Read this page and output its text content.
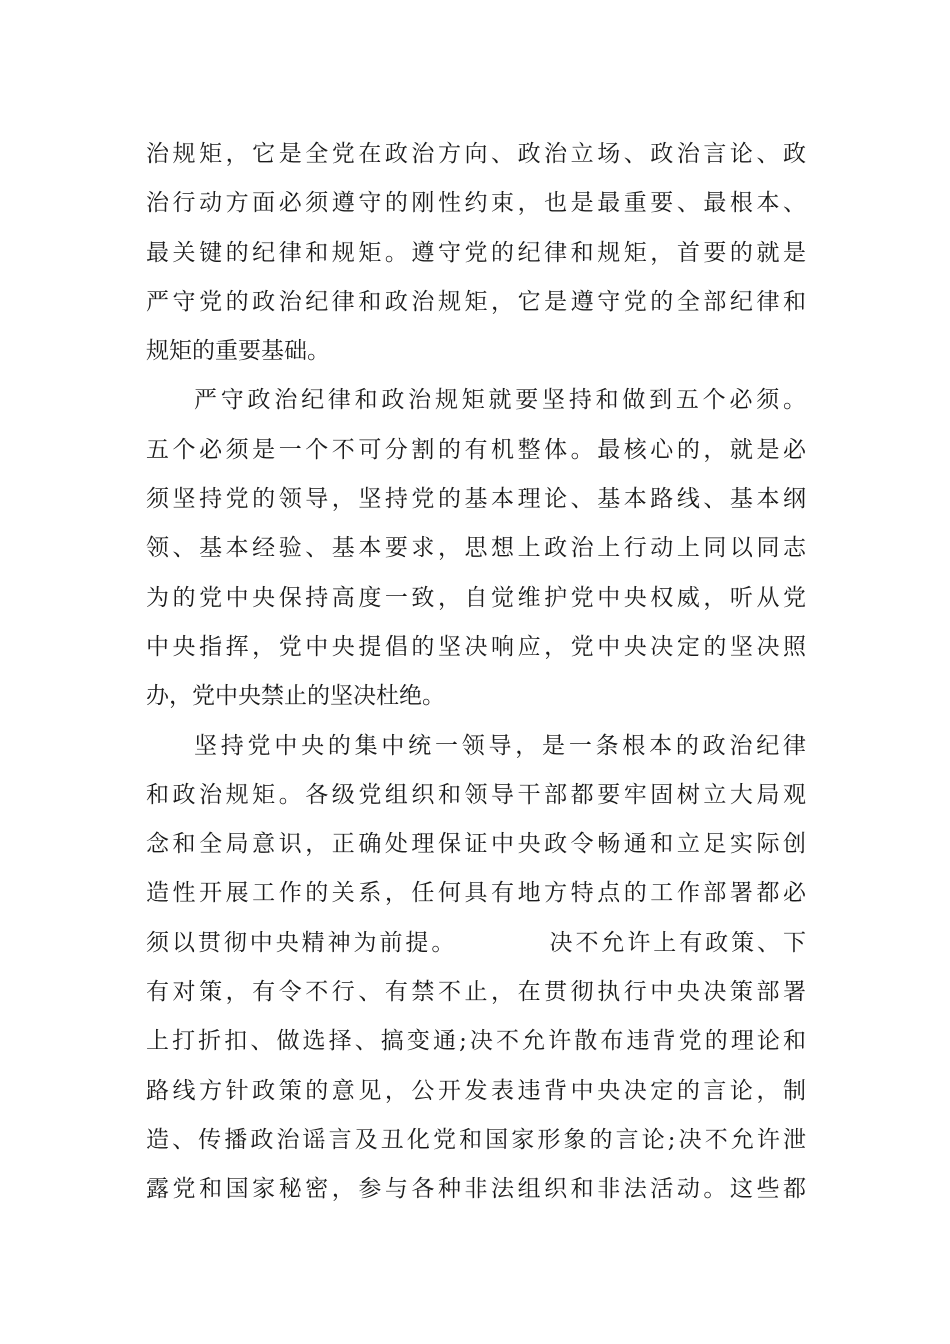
治规矩，它是全党在政治方向、政治立场、政治言论、政
治行动方面必须遵守的刚性约束，也是最重要、最根本、
最关键的纪律和规矩。遵守党的纪律和规矩，首要的就是
严守党的政治纪律和政治规矩，它是遵守党的全部纪律和
规矩的重要基础。
严守政治纪律和政治规矩就要坚持和做到五个必须。
五个必须是一个不可分割的有机整体。最核心的，就是必
须坚持党的领导，坚持党的基本理论、基本路线、基本纲
领、基本经验、基本要求，思想上政治上行动上同以同志
为的党中央保持高度一致，自觉维护党中央权威，听从党
中央指挥，党中央提倡的坚决响应，党中央决定的坚决照
办，党中央禁止的坚决杜绝。
坚持党中央的集中统一领导，是一条根本的政治纪律
和政治规矩。各级党组织和领导干部都要牢固树立大局观
念和全局意识，正确处理保证中央政令畅通和立足实际创
造性开展工作的关系，任何具有地方特点的工作部署都必
须以贯彻中央精神为前提。　　　　决不允许上有政策、下
有对策，有令不行、有禁不止，在贯彻执行中央决策部署
上打折扣、做选择、搞变通;决不允许散布违背党的理论和
路线方针政策的意见，公开发表违背中央决定的言论，制
造、传播政治谣言及丑化党和国家形象的言论;决不允许泄
露党和国家秘密，参与各种非法组织和非法活动。这些都
